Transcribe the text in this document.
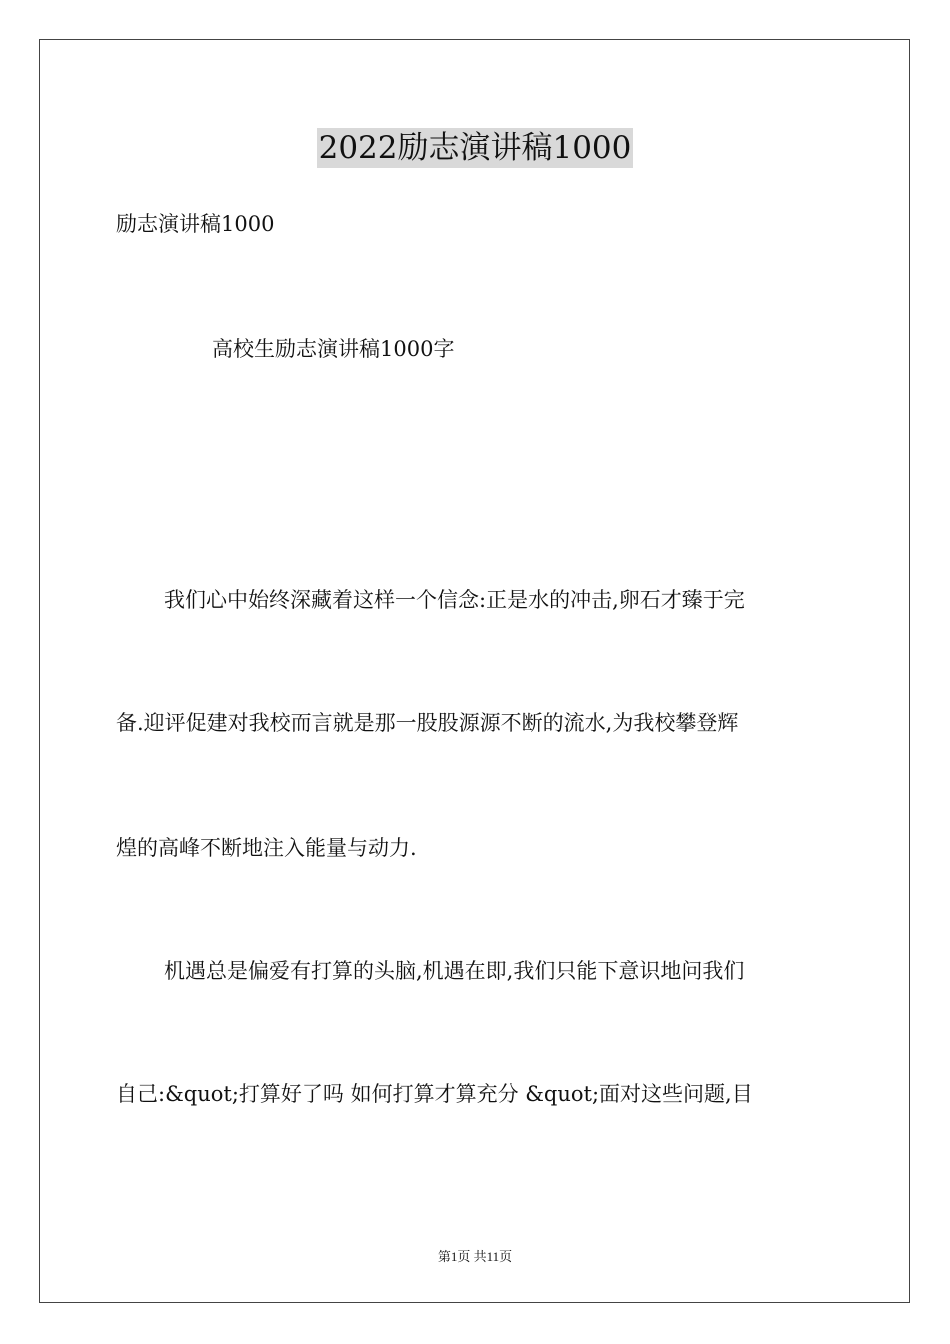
2022励志演讲稿1000
励志演讲稿1000
高校生励志演讲稿1000字
我们心中始终深藏着这样一个信念:正是水的冲击,卵石才臻于完
备.迎评促建对我校而言就是那一股股源源不断的流水,为我校攀登辉
煌的高峰不断地注入能量与动力.
机遇总是偏爱有打算的头脑,机遇在即,我们只能下意识地问我们
自己:&quot;打算好了吗 如何打算才算充分 &quot;面对这些问题,目
第1页 共11页
